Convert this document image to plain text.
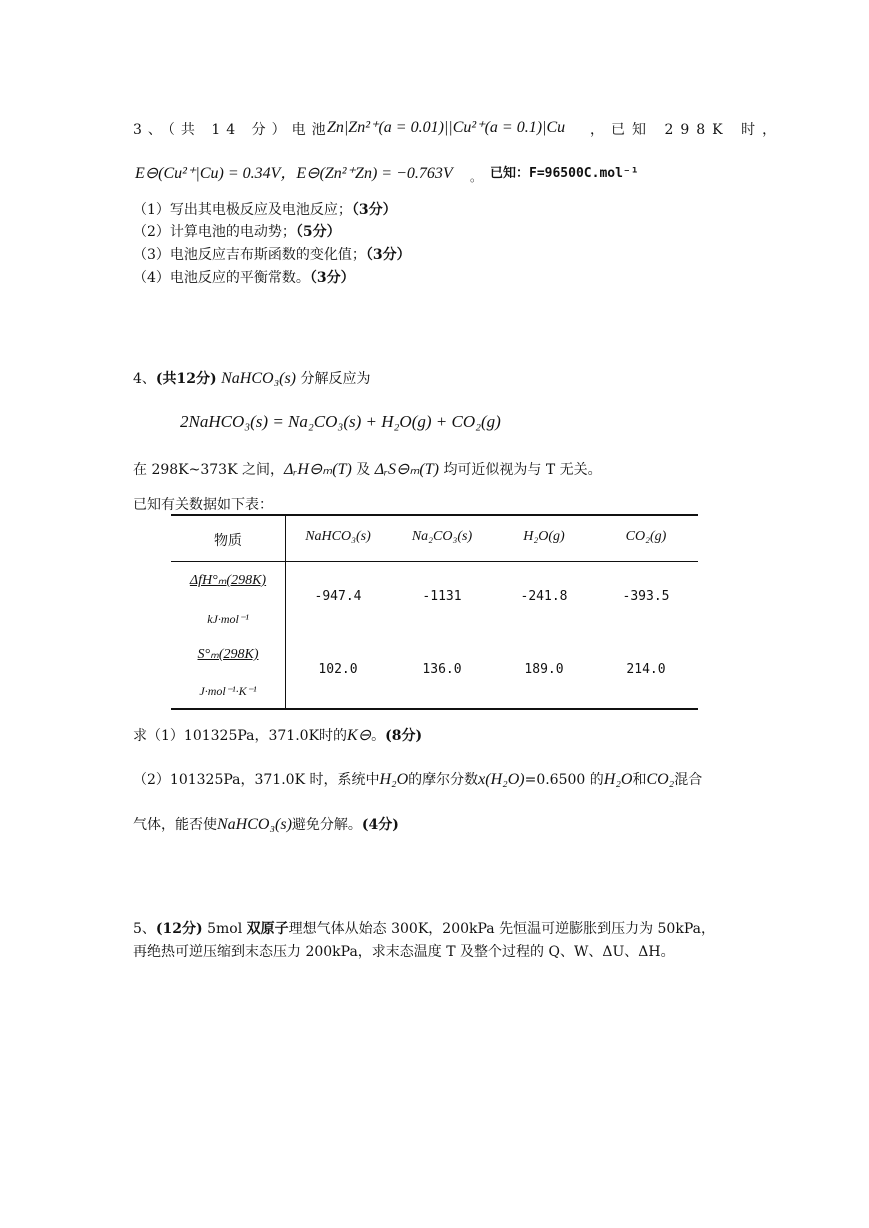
3、（共 14 分）电池
Zn|Zn²⁺(a = 0.01)||Cu²⁺(a = 0.1)|Cu ，已知 298K 时，
E⊖(Cu²⁺|Cu) = 0.34V，E⊖(Zn²⁺Zn) = −0.763V 。 已知：F=96500C.mol⁻¹
（1）写出其电极反应及电池反应；（3分）
（2）计算电池的电动势；（5分）
（3）电池反应吉布斯函数的变化值；（3分）
（4）电池反应的平衡常数。（3分）
4、(共12分) NaHCO₃(s) 分解反应为
2NaHCO₃(s) = Na₂CO₃(s) + H₂O(g) + CO₂(g)
在 298K~373K 之间，ΔᵣH⊖ₘ(T) 及 ΔᵣS⊖ₘ(T) 均可近似视为与 T 无关。
已知有关数据如下表：
物质	NaHCO₃(s)	Na₂CO₃(s)	H₂O(g)	CO₂(g)
ΔfH°ₘ(298K)
kJ·mol⁻¹
-947.4	-1131	-241.8	-393.5
S°ₘ(298K)
J·mol⁻¹·K⁻¹
102.0	136.0	189.0	214.0
求（1）101325Pa，371.0K时的K⊖。(8分)
（2）101325Pa，371.0K 时，系统中H₂O的摩尔分数x(H₂O)=0.6500 的H₂O和CO₂混合
气体，能否使NaHCO₃(s)避免分解。(4分)
5、(12分) 5mol 双原子理想气体从始态 300K，200kPa 先恒温可逆膨胀到压力为 50kPa，
再绝热可逆压缩到末态压力 200kPa，求末态温度 T 及整个过程的 Q、W、ΔU、ΔH。
